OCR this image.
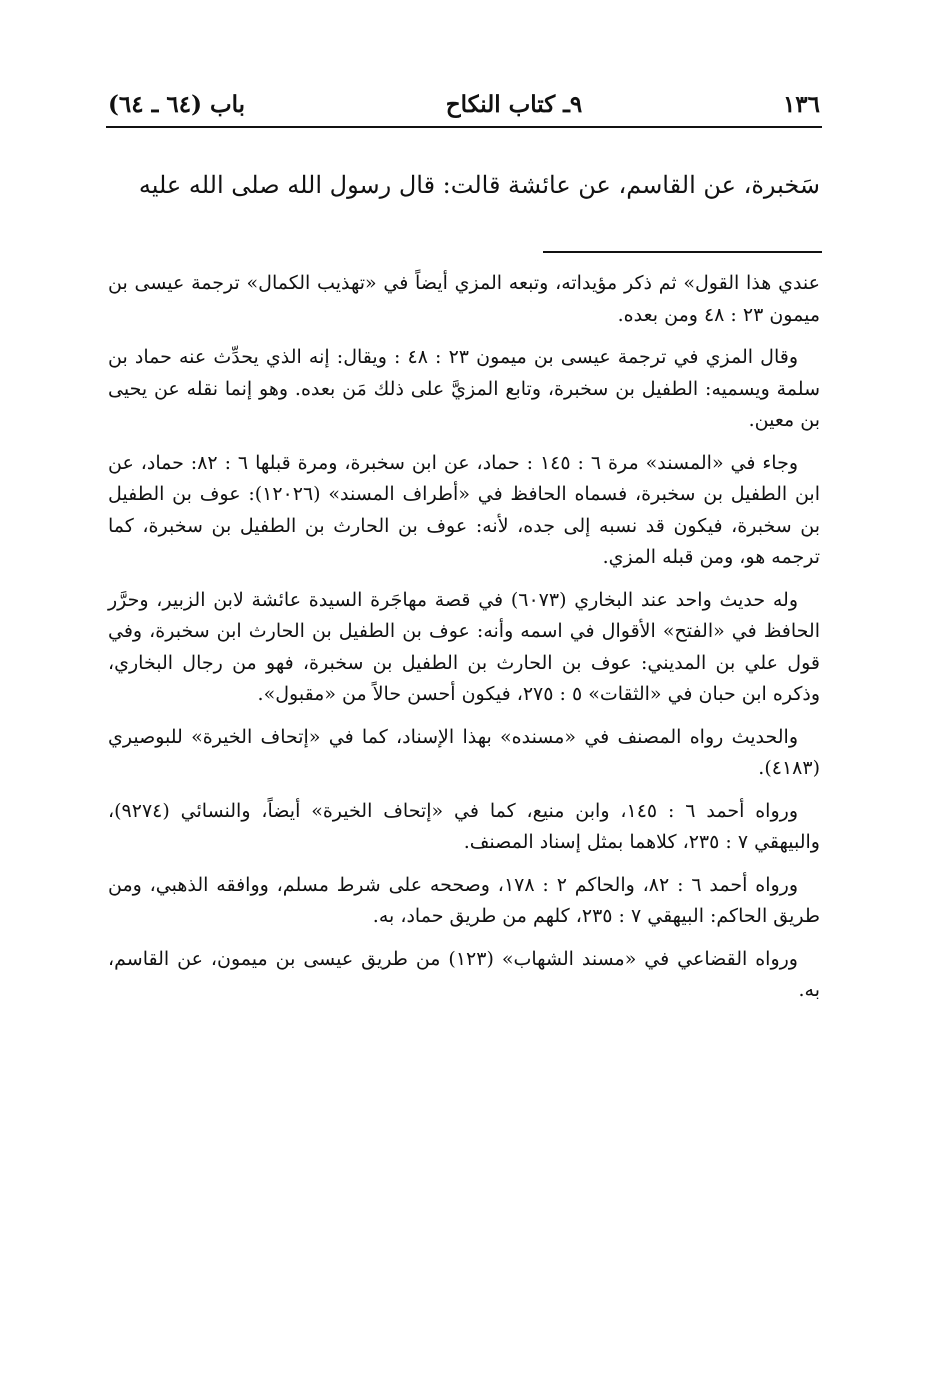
١٣٦
٩ـ كتاب النكاح
باب (٦٤ ـ ٦٤)
سَخبرة، عن القاسم، عن عائشة قالت: قال رسول الله صلى الله عليه

عندي هذا القول» ثم ذكر مؤيداته، وتبعه المزي أيضاً في «تهذيب الكمال» ترجمة عيسى بن ميمون ٢٣ : ٤٨ ومن بعده.

وقال المزي في ترجمة عيسى بن ميمون ٢٣ : ٤٨ : ويقال: إنه الذي يحدِّث عنه حماد بن سلمة ويسميه: الطفيل بن سخبرة، وتابع المزيَّ على ذلك مَن بعده. وهو إنما نقله عن يحيى بن معين.

وجاء في «المسند» مرة ٦ : ١٤٥ : حماد، عن ابن سخبرة، ومرة قبلها ٦ : ٨٢: حماد، عن ابن الطفيل بن سخبرة، فسماه الحافظ في «أطراف المسند» (١٢٠٢٦): عوف بن الطفيل بن سخبرة، فيكون قد نسبه إلى جده، لأنه: عوف بن الحارث بن الطفيل بن سخبرة، كما ترجمه هو، ومن قبله المزي.

وله حديث واحد عند البخاري (٦٠٧٣) في قصة مهاجَرة السيدة عائشة لابن الزبير، وحرَّر الحافظ في «الفتح» الأقوال في اسمه وأنه: عوف بن الطفيل بن الحارث ابن سخبرة، وفي قول علي بن المديني: عوف بن الحارث بن الطفيل بن سخبرة، فهو من رجال البخاري، وذكره ابن حبان في «الثقات» ٥ : ٢٧٥، فيكون أحسن حالاً من «مقبول».

والحديث رواه المصنف في «مسنده» بهذا الإسناد، كما في «إتحاف الخيرة» للبوصيري (٤١٨٣).

ورواه أحمد ٦ : ١٤٥، وابن منيع، كما في «إتحاف الخيرة» أيضاً، والنسائي (٩٢٧٤)، والبيهقي ٧ : ٢٣٥، كلاهما بمثل إسناد المصنف.

ورواه أحمد ٦ : ٨٢، والحاكم ٢ : ١٧٨، وصححه على شرط مسلم، ووافقه الذهبي، ومن طريق الحاكم: البيهقي ٧ : ٢٣٥، كلهم من طريق حماد، به.

ورواه القضاعي في «مسند الشهاب» (١٢٣) من طريق عيسى بن ميمون، عن القاسم، به.
